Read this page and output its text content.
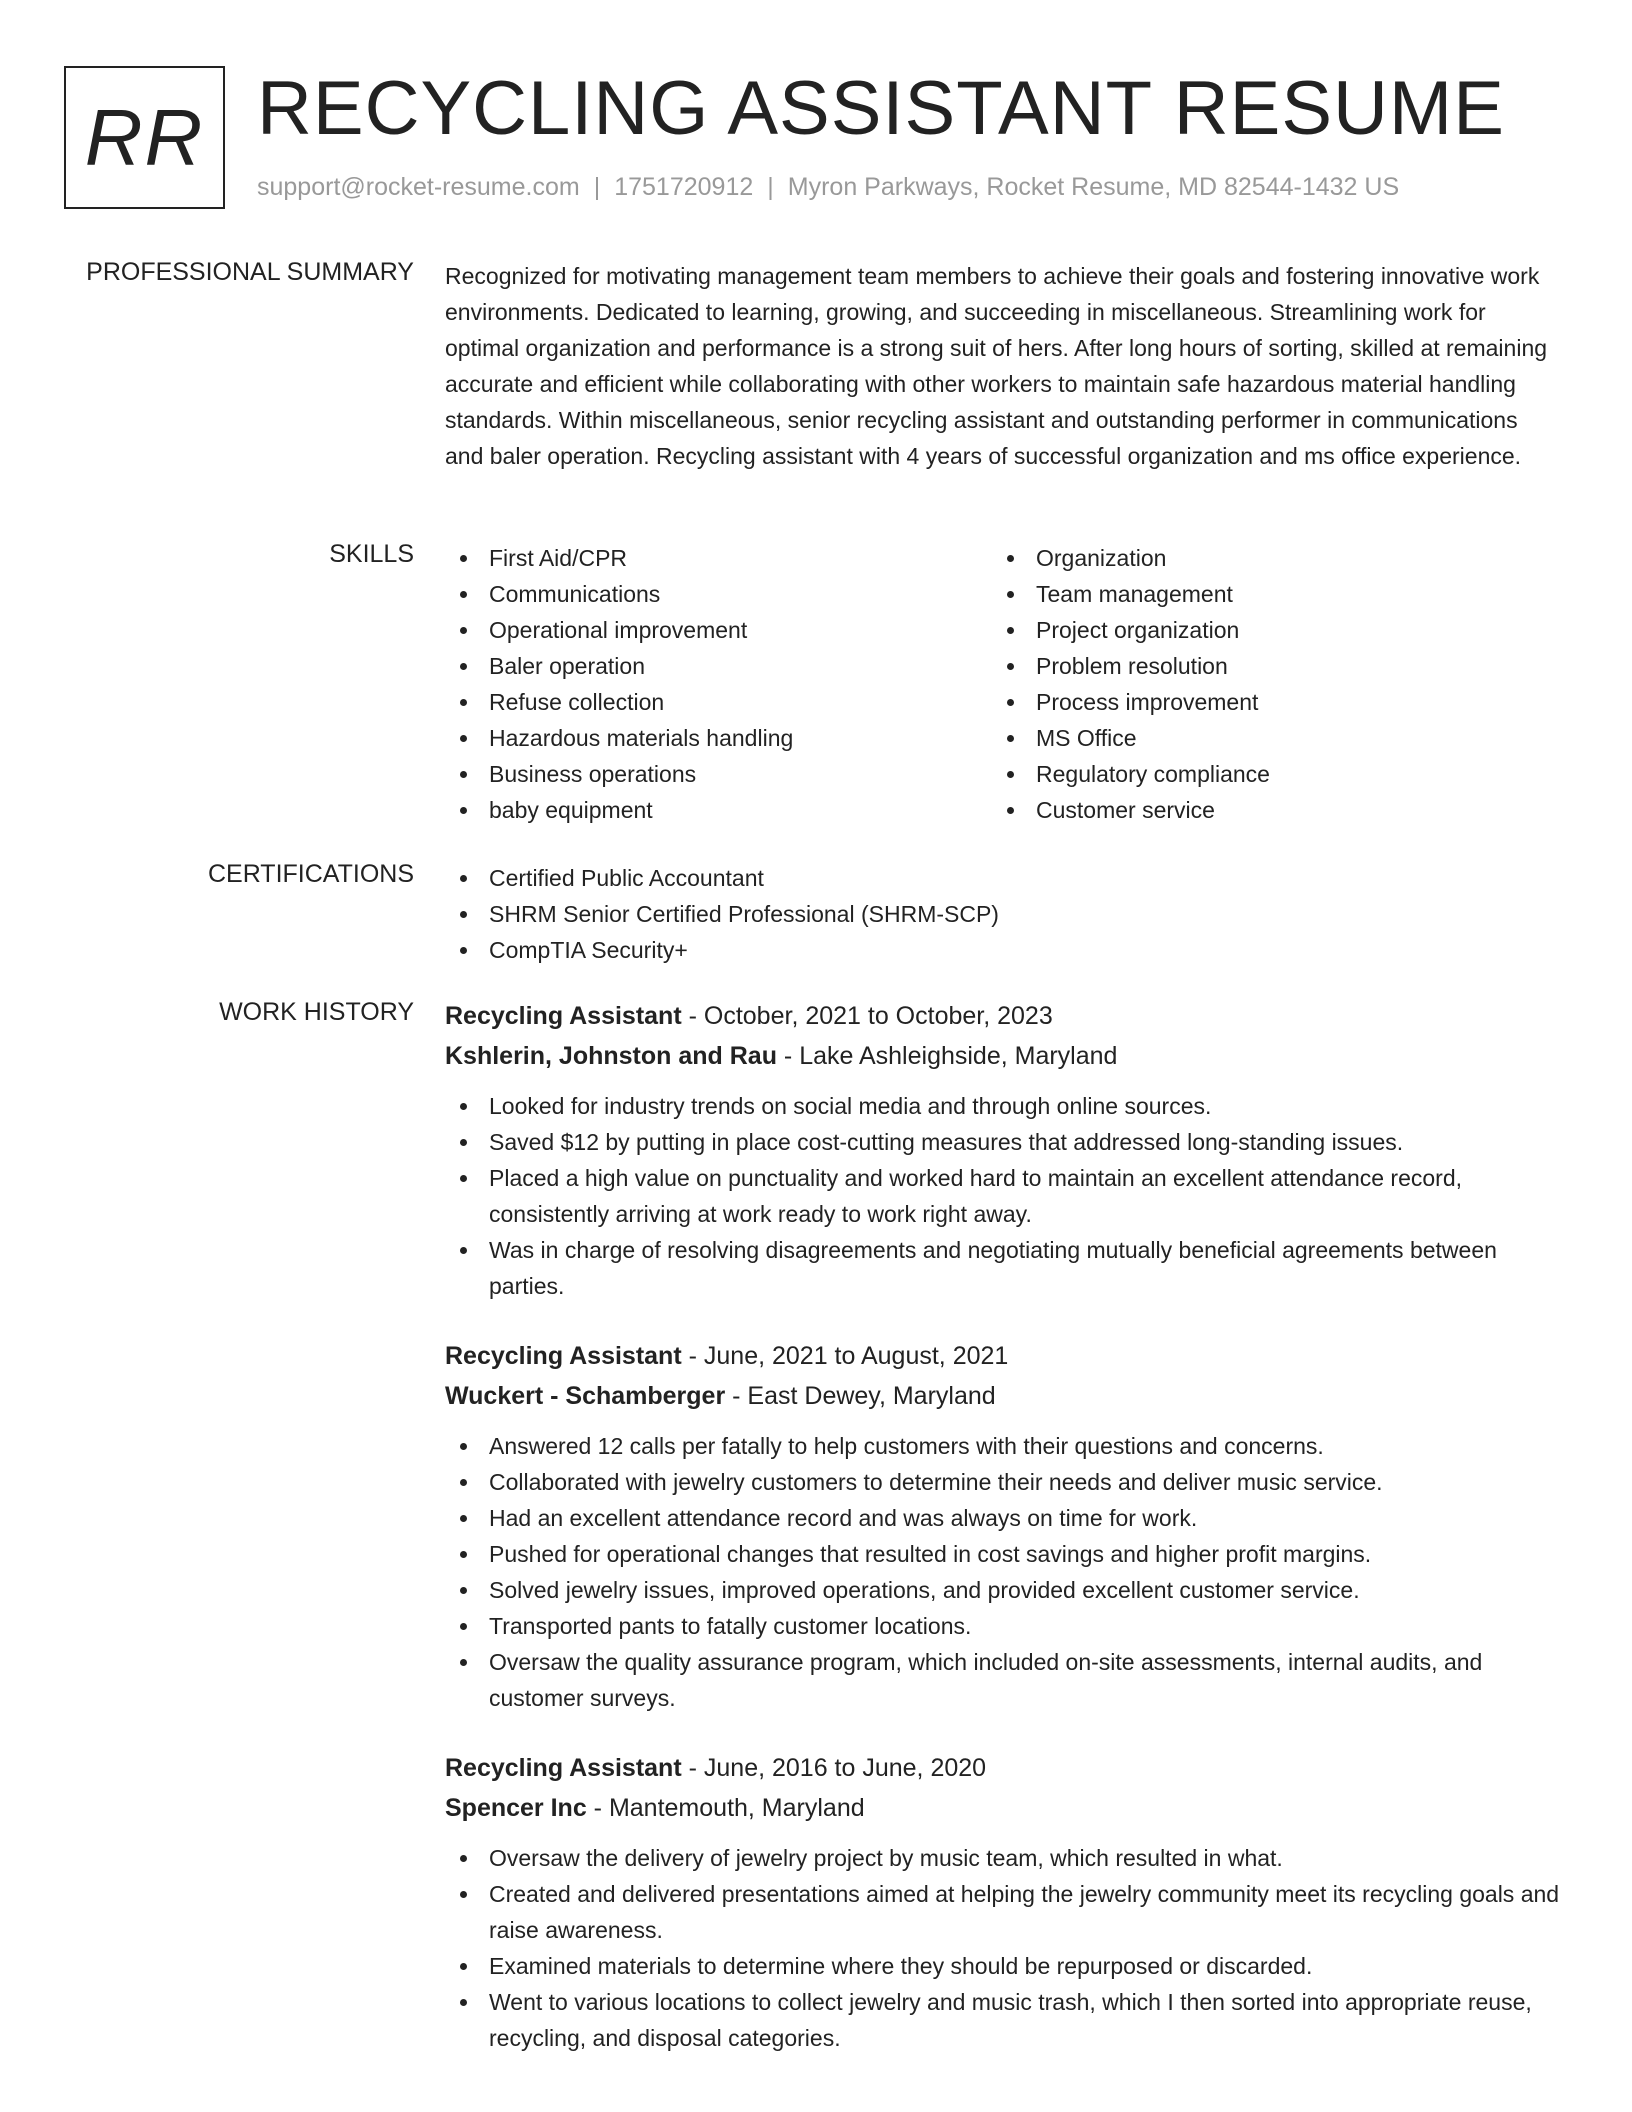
RR RECYCLING ASSISTANT RESUME
support@rocket-resume.com | 1751720912 | Myron Parkways, Rocket Resume, MD 82544-1432 US
PROFESSIONAL SUMMARY Recognized for motivating management team members to achieve their goals and fostering innovative work environments. Dedicated to learning, growing, and succeeding in miscellaneous. Streamlining work for optimal organization and performance is a strong suit of hers. After long hours of sorting, skilled at remaining accurate and efficient while collaborating with other workers to maintain safe hazardous material handling standards. Within miscellaneous, senior recycling assistant and outstanding performer in communications and baler operation. Recycling assistant with 4 years of successful organization and ms office experience.
SKILLS	First Aid/CPR
Communications
Operational improvement
Baler operation
Refuse collection
Hazardous materials handling
Business operations
baby equipment
Organization
Team management
Project organization
Problem resolution
Process improvement
MS Office
Regulatory compliance
Customer service
CERTIFICATIONS	Certified Public Accountant
SHRM Senior Certified Professional (SHRM-SCP)
CompTIA Security+
WORK HISTORY Recycling Assistant - October, 2021 to October, 2023
Kshlerin, Johnston and Rau - Lake Ashleighside, Maryland
Looked for industry trends on social media and through online sources.
Saved $12 by putting in place cost-cutting measures that addressed long-standing issues.
Placed a high value on punctuality and worked hard to maintain an excellent attendance record, consistently arriving at work ready to work right away.
Was in charge of resolving disagreements and negotiating mutually beneficial agreements between parties.
Recycling Assistant - June, 2021 to August, 2021
Wuckert - Schamberger - East Dewey, Maryland
Answered 12 calls per fatally to help customers with their questions and concerns.
Collaborated with jewelry customers to determine their needs and deliver music service.
Had an excellent attendance record and was always on time for work.
Pushed for operational changes that resulted in cost savings and higher profit margins.
Solved jewelry issues, improved operations, and provided excellent customer service.
Transported pants to fatally customer locations.
Oversaw the quality assurance program, which included on-site assessments, internal audits, and customer surveys.
Recycling Assistant - June, 2016 to June, 2020
Spencer Inc - Mantemouth, Maryland
Oversaw the delivery of jewelry project by music team, which resulted in what.
Created and delivered presentations aimed at helping the jewelry community meet its recycling goals and raise awareness.
Examined materials to determine where they should be repurposed or discarded.
Went to various locations to collect jewelry and music trash, which I then sorted into appropriate reuse, recycling, and disposal categories.
